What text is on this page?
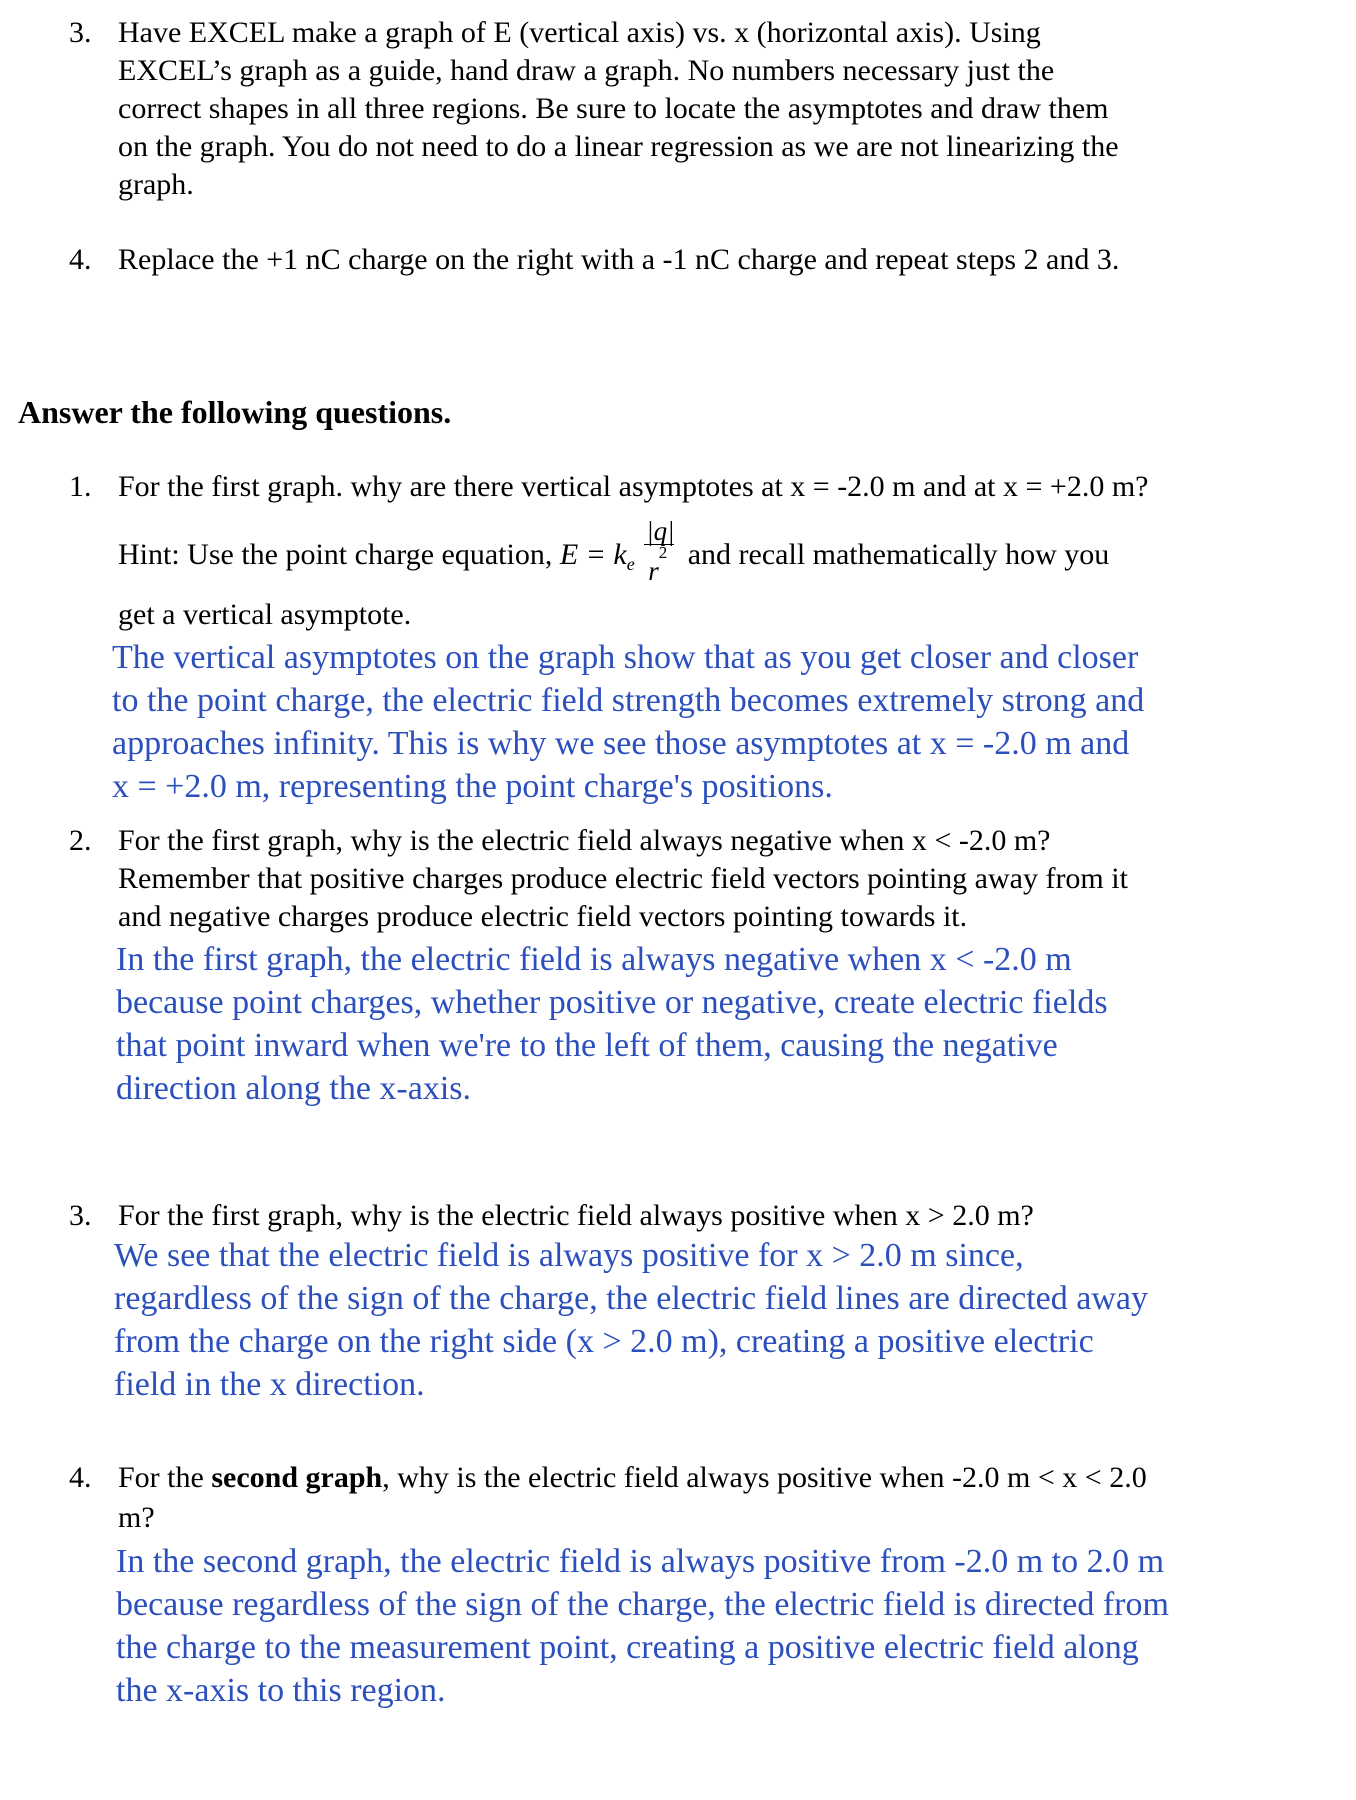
3. Have EXCEL make a graph of E (vertical axis) vs. x (horizontal axis). Using
EXCEL’s graph as a guide, hand draw a graph. No numbers necessary just the
correct shapes in all three regions. Be sure to locate the asymptotes and draw them
on the graph. You do not need to do a linear regression as we are not linearizing the
graph.
4. Replace the +1 nC charge on the right with a -1 nC charge and repeat steps 2 and 3.
Answer the following questions.
1. For the first graph. why are there vertical asymptotes at x = -2.0 m and at x = +2.0 m?
Hint: Use the point charge equation, $E = k_e \frac{|q|}{r^2}$ and recall mathematically how you
get a vertical asymptote.
The vertical asymptotes on the graph show that as you get closer and closer
to the point charge, the electric field strength becomes extremely strong and
approaches infinity. This is why we see those asymptotes at x = -2.0 m and
x = +2.0 m, representing the point charge's positions.
2. For the first graph, why is the electric field always negative when x < -2.0 m?
Remember that positive charges produce electric field vectors pointing away from it
and negative charges produce electric field vectors pointing towards it.
In the first graph, the electric field is always negative when x < -2.0 m
because point charges, whether positive or negative, create electric fields
that point inward when we're to the left of them, causing the negative
direction along the x-axis.
3. For the first graph, why is the electric field always positive when x > 2.0 m?
We see that the electric field is always positive for x > 2.0 m since,
regardless of the sign of the charge, the electric field lines are directed away
from the charge on the right side (x > 2.0 m), creating a positive electric
field in the x direction.
4. For the second graph, why is the electric field always positive when -2.0 m < x < 2.0
m?
In the second graph, the electric field is always positive from -2.0 m to 2.0 m
because regardless of the sign of the charge, the electric field is directed from
the charge to the measurement point, creating a positive electric field along
the x-axis to this region.
